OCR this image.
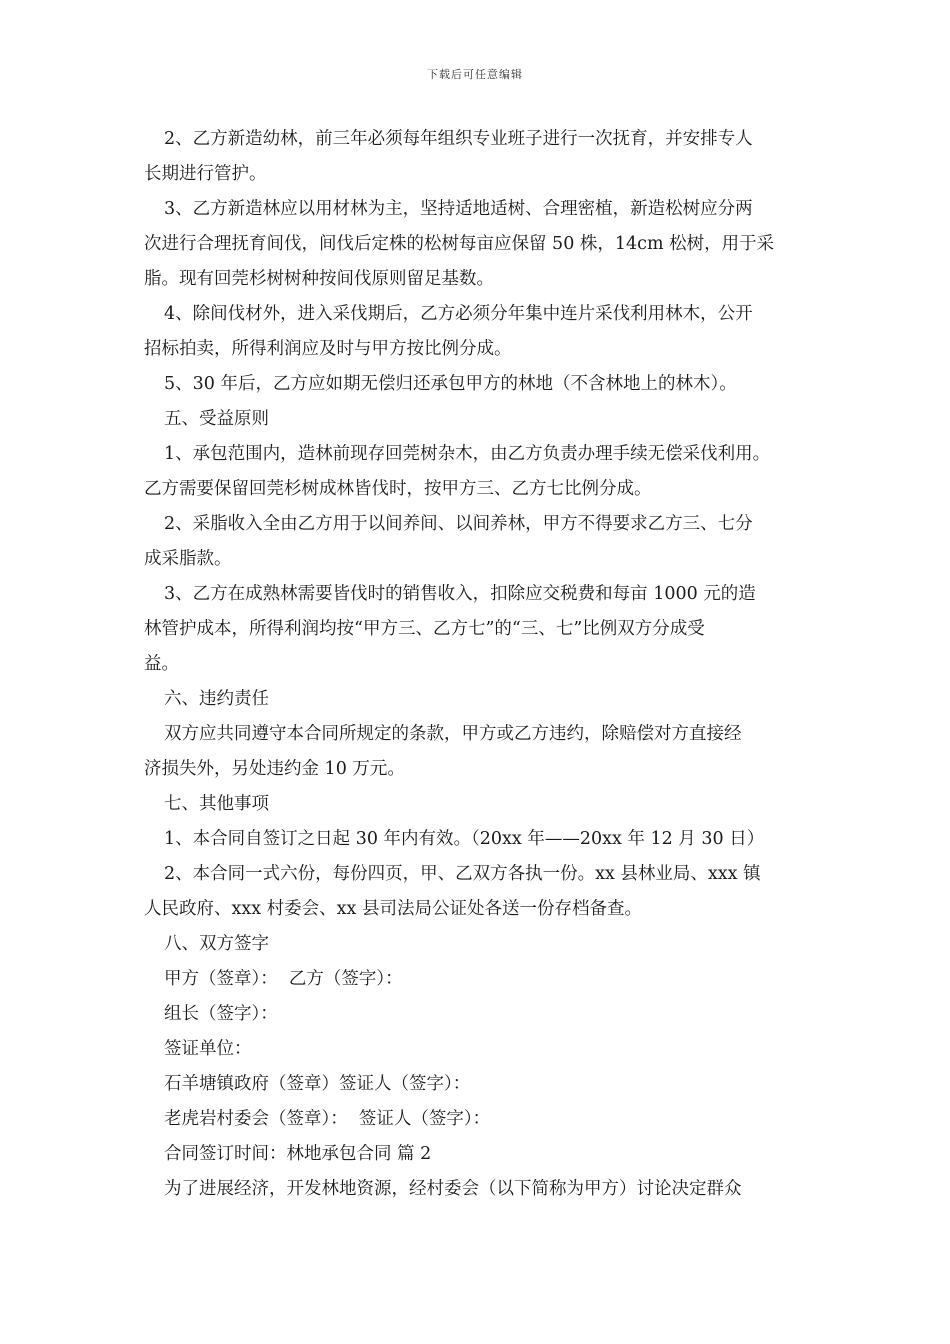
下载后可任意编辑

2、乙方新造幼林，前三年必须每年组织专业班子进行一次抚育，并安排专人
长期进行管护。

3、乙方新造林应以用材林为主，坚持适地适树、合理密植，新造松树应分两
次进行合理抚育间伐，间伐后定株的松树每亩应保留 50 株，14cm 松树，用于采
脂。现有回莞杉树树种按间伐原则留足基数。

4、除间伐材外，进入采伐期后，乙方必须分年集中连片采伐利用林木，公开
招标拍卖，所得利润应及时与甲方按比例分成。

5、30 年后，乙方应如期无偿归还承包甲方的林地（不含林地上的林木）。

五、受益原则

1、承包范围内，造林前现存回莞树杂木，由乙方负责办理手续无偿采伐利用。
乙方需要保留回莞杉树成林皆伐时，按甲方三、乙方七比例分成。

2、采脂收入全由乙方用于以间养间、以间养林，甲方不得要求乙方三、七分
成采脂款。

3、乙方在成熟林需要皆伐时的销售收入，扣除应交税费和每亩 1000 元的造
林管护成本，所得利润均按“甲方三、乙方七”的“三、七”比例双方分成受
益。

六、违约责任

双方应共同遵守本合同所规定的条款，甲方或乙方违约，除赔偿对方直接经
济损失外，另处违约金 10 万元。

七、其他事项

1、本合同自签订之日起 30 年内有效。（20xx 年——20xx 年 12 月 30 日）

2、本合同一式六份，每份四页，甲、乙双方各执一份。xx 县林业局、xxx 镇
人民政府、xxx 村委会、xx 县司法局公证处各送一份存档备查。

八、双方签字

甲方（签章）：  乙方（签字）：

组长（签字）：

签证单位：

石羊塘镇政府（签章）签证人（签字）：

老虎岩村委会（签章）：  签证人（签字）：

合同签订时间：林地承包合同 篇 2

为了进展经济，开发林地资源，经村委会（以下简称为甲方）讨论决定群众
